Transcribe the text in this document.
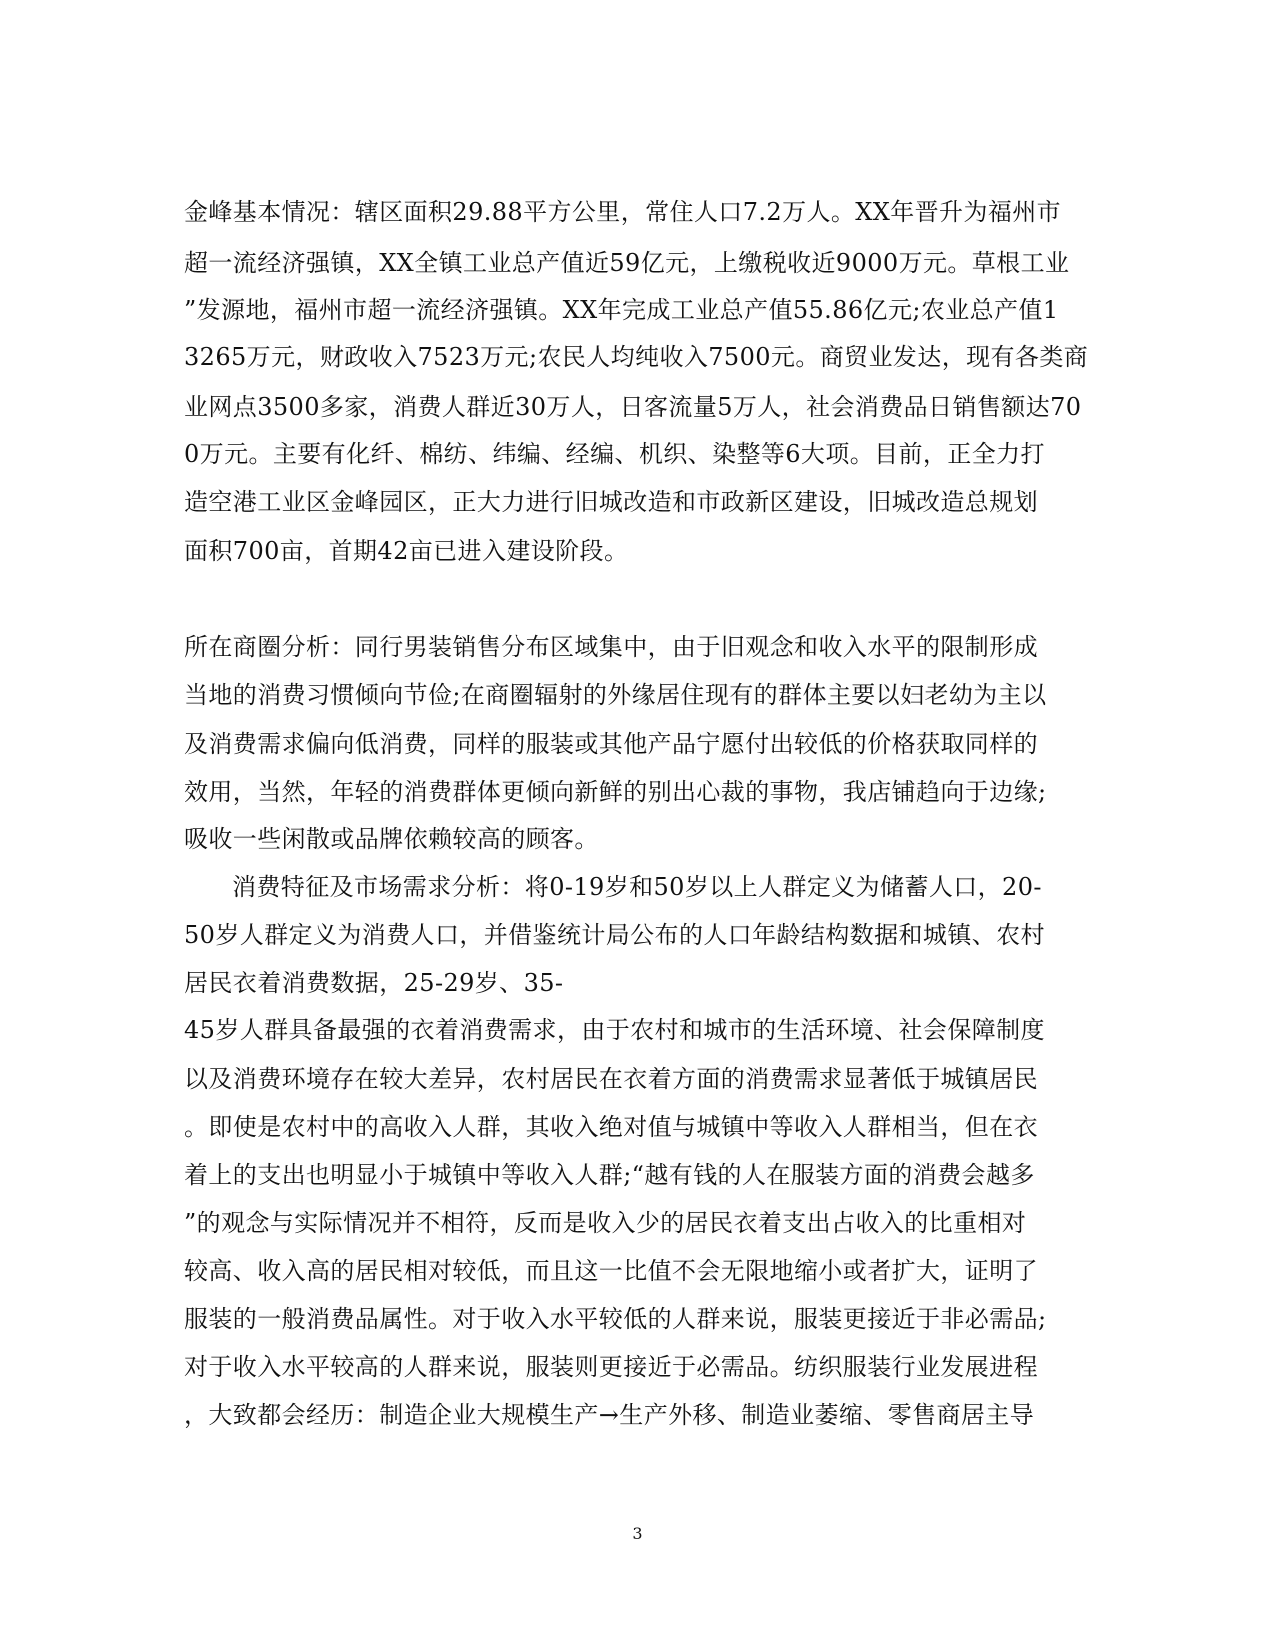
金峰基本情况：辖区面积29.88平方公里，常住人口7.2万人。XX年晋升为福州市
超一流经济强镇，XX全镇工业总产值近59亿元，上缴税收近9000万元。草根工业
”发源地，福州市超一流经济强镇。XX年完成工业总产值55.86亿元;农业总产值1
3265万元，财政收入7523万元;农民人均纯收入7500元。商贸业发达，现有各类商
业网点3500多家，消费人群近30万人，日客流量5万人，社会消费品日销售额达70
0万元。主要有化纤、棉纺、纬编、经编、机织、染整等6大项。目前，正全力打
造空港工业区金峰园区，正大力进行旧城改造和市政新区建设，旧城改造总规划
面积700亩，首期42亩已进入建设阶段。
所在商圈分析：同行男装销售分布区域集中，由于旧观念和收入水平的限制形成
当地的消费习惯倾向节俭;在商圈辐射的外缘居住现有的群体主要以妇老幼为主以
及消费需求偏向低消费，同样的服装或其他产品宁愿付出较低的价格获取同样的
效用，当然，年轻的消费群体更倾向新鲜的别出心裁的事物，我店铺趋向于边缘;
吸收一些闲散或品牌依赖较高的顾客。
消费特征及市场需求分析：将0-19岁和50岁以上人群定义为储蓄人口，20-
50岁人群定义为消费人口，并借鉴统计局公布的人口年龄结构数据和城镇、农村
居民衣着消费数据，25-29岁、35-
45岁人群具备最强的衣着消费需求，由于农村和城市的生活环境、社会保障制度
以及消费环境存在较大差异，农村居民在衣着方面的消费需求显著低于城镇居民
。即使是农村中的高收入人群，其收入绝对值与城镇中等收入人群相当，但在衣
着上的支出也明显小于城镇中等收入人群;“越有钱的人在服装方面的消费会越多
”的观念与实际情况并不相符，反而是收入少的居民衣着支出占收入的比重相对
较高、收入高的居民相对较低，而且这一比值不会无限地缩小或者扩大，证明了
服装的一般消费品属性。对于收入水平较低的人群来说，服装更接近于非必需品;
对于收入水平较高的人群来说，服装则更接近于必需品。纺织服装行业发展进程
，大致都会经历：制造企业大规模生产→生产外移、制造业萎缩、零售商居主导
3
